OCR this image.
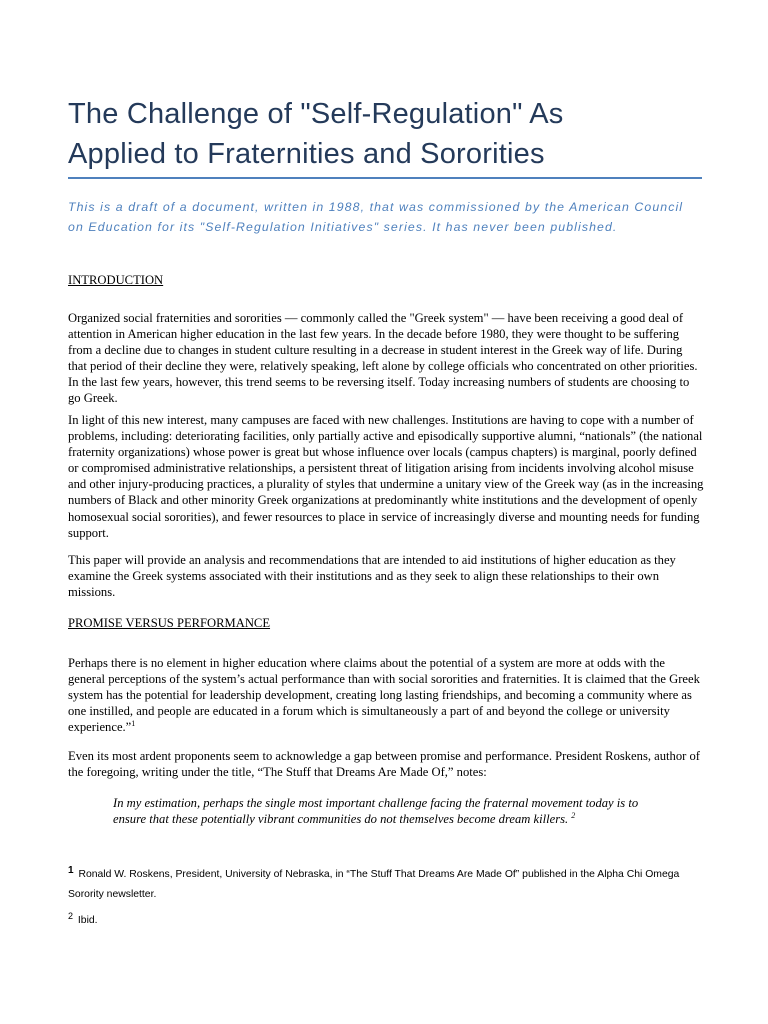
The Challenge of "Self-Regulation" As
Applied to Fraternities and Sororities
This is a draft of a document, written in 1988, that was commissioned by the American Council on Education for its "Self-Regulation Initiatives" series. It has never been published.
INTRODUCTION

Organized social fraternities and sororities — commonly called the "Greek system" — have been receiving a good deal of attention in American higher education in the last few years. In the decade before 1980, they were thought to be suffering from a decline due to changes in student culture resulting in a decrease in student interest in the Greek way of life. During that period of their decline they were, relatively speaking, left alone by college officials who concentrated on other priorities. In the last few years, however, this trend seems to be reversing itself. Today increasing numbers of students are choosing to go Greek.

In light of this new interest, many campuses are faced with new challenges. Institutions are having to cope with a number of problems, including: deteriorating facilities, only partially active and episodically supportive alumni, “nationals” (the national fraternity organizations) whose power is great but whose influence over locals (campus chapters) is marginal, poorly defined or compromised administrative relationships, a persistent threat of litigation arising from incidents involving alcohol misuse and other injury-producing practices, a plurality of styles that undermine a unitary view of the Greek way (as in the increasing numbers of Black and other minority Greek organizations at predominantly white institutions and the development of openly homosexual social sororities), and fewer resources to place in service of increasingly diverse and mounting needs for funding support.

This paper will provide an analysis and recommendations that are intended to aid institutions of higher education as they examine the Greek systems associated with their institutions and as they seek to align these relationships to their own missions.

PROMISE VERSUS PERFORMANCE

Perhaps there is no element in higher education where claims about the potential of a system are more at odds with the general perceptions of the system’s actual performance than with social sororities and fraternities. It is claimed that the Greek system has the potential for leadership development, creating long lasting friendships, and becoming a community where as one instilled, and people are educated in a forum which is simultaneously a part of and beyond the college or university experience.”$^1$

Even its most ardent proponents seem to acknowledge a gap between promise and performance. President Roskens, author of the foregoing, writing under the title, “The Stuff that Dreams Are Made Of,” notes:

In my estimation, perhaps the single most important challenge facing the fraternal movement today is to ensure that these potentially vibrant communities do not themselves become dream killers. $^2$

1 Ronald W. Roskens, President, University of Nebraska, in “The Stuff That Dreams Are Made Of” published in the Alpha Chi Omega Sorority newsletter.
2 Ibid.
